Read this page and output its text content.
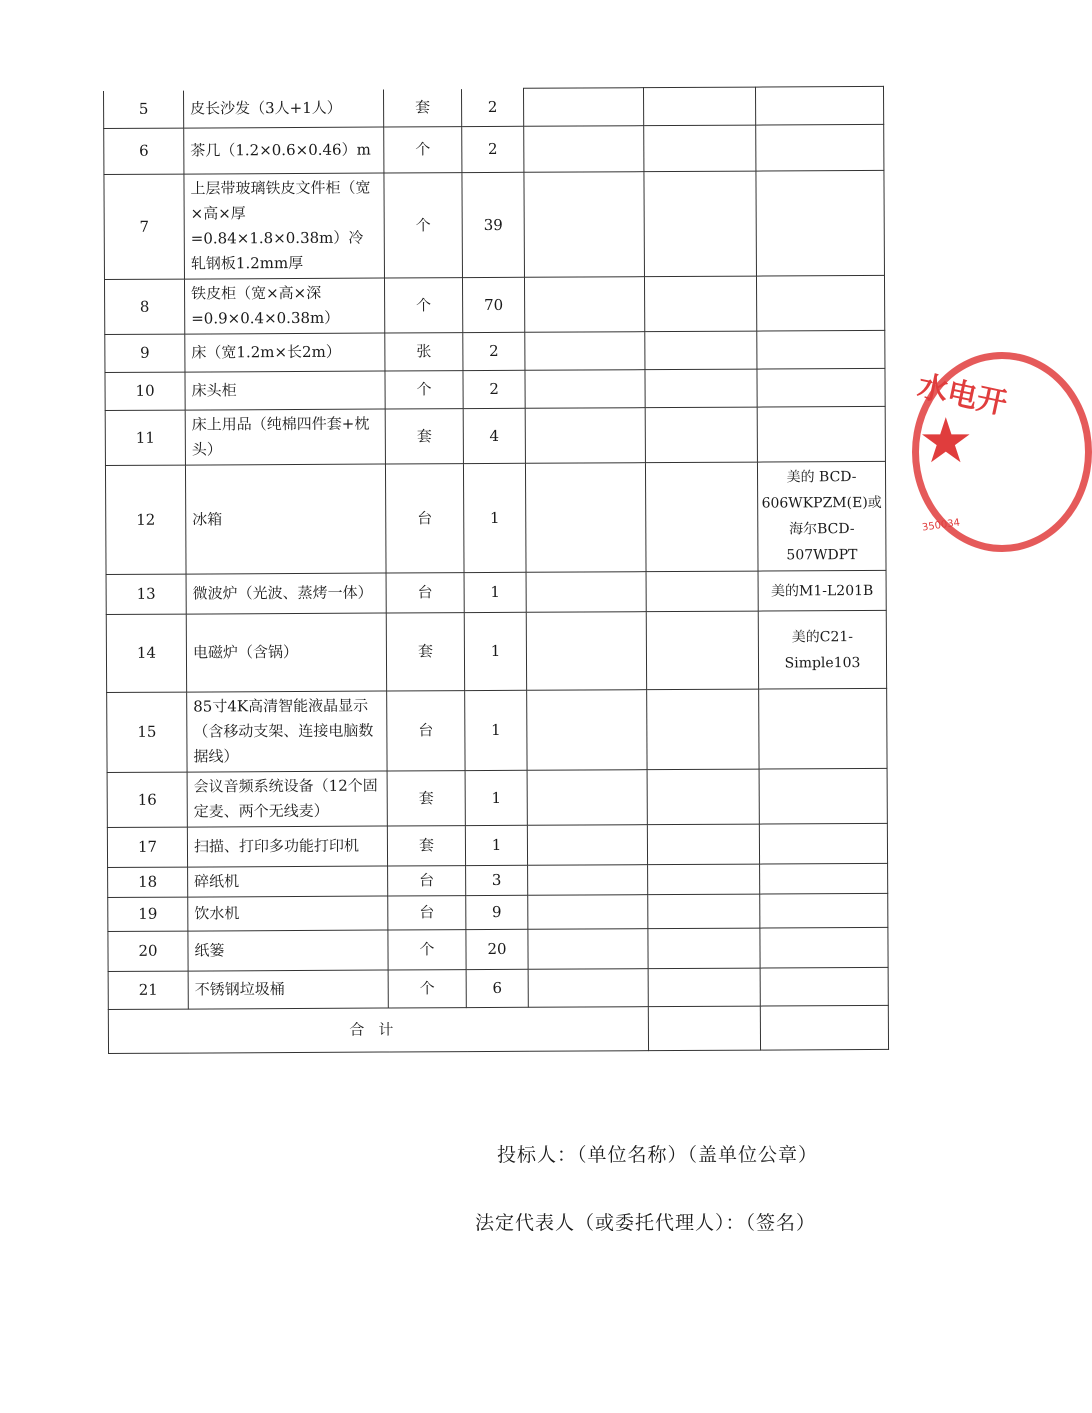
5	皮长沙发（3人+1人）	套	2			
6	茶几（1.2×0.6×0.46）m	个	2			
7	上层带玻璃铁皮文件柜（宽×高×厚=0.84×1.8×0.38m）冷轧钢板1.2mm厚	个	39			
8	铁皮柜（宽×高×深=0.9×0.4×0.38m）	个	70			
9	床（宽1.2m×长2m）	张	2			
10	床头柜	个	2			
11	床上用品（纯棉四件套+枕头）	套	4			
12	冰箱	台	1			美的 BCD-606WKPZM(E)或海尔BCD-507WDPT
13	微波炉（光波、蒸烤一体）	台	1			美的M1-L201B
14	电磁炉（含锅）	套	1			美的C21-Simple103
15	85寸4K高清智能液晶显示（含移动支架、连接电脑数据线）	台	1			
16	会议音频系统设备（12个固定麦、两个无线麦）	套	1			
17	扫描、打印多功能打印机	套	1			
18	碎纸机	台	3			
19	饮水机	台	9			
20	纸篓	个	20			
21	不锈钢垃圾桶	个	6			
合计						
投标人：（单位名称）（盖单位公章）
法定代表人（或委托代理人）：（签名）
水电开
★
350034
